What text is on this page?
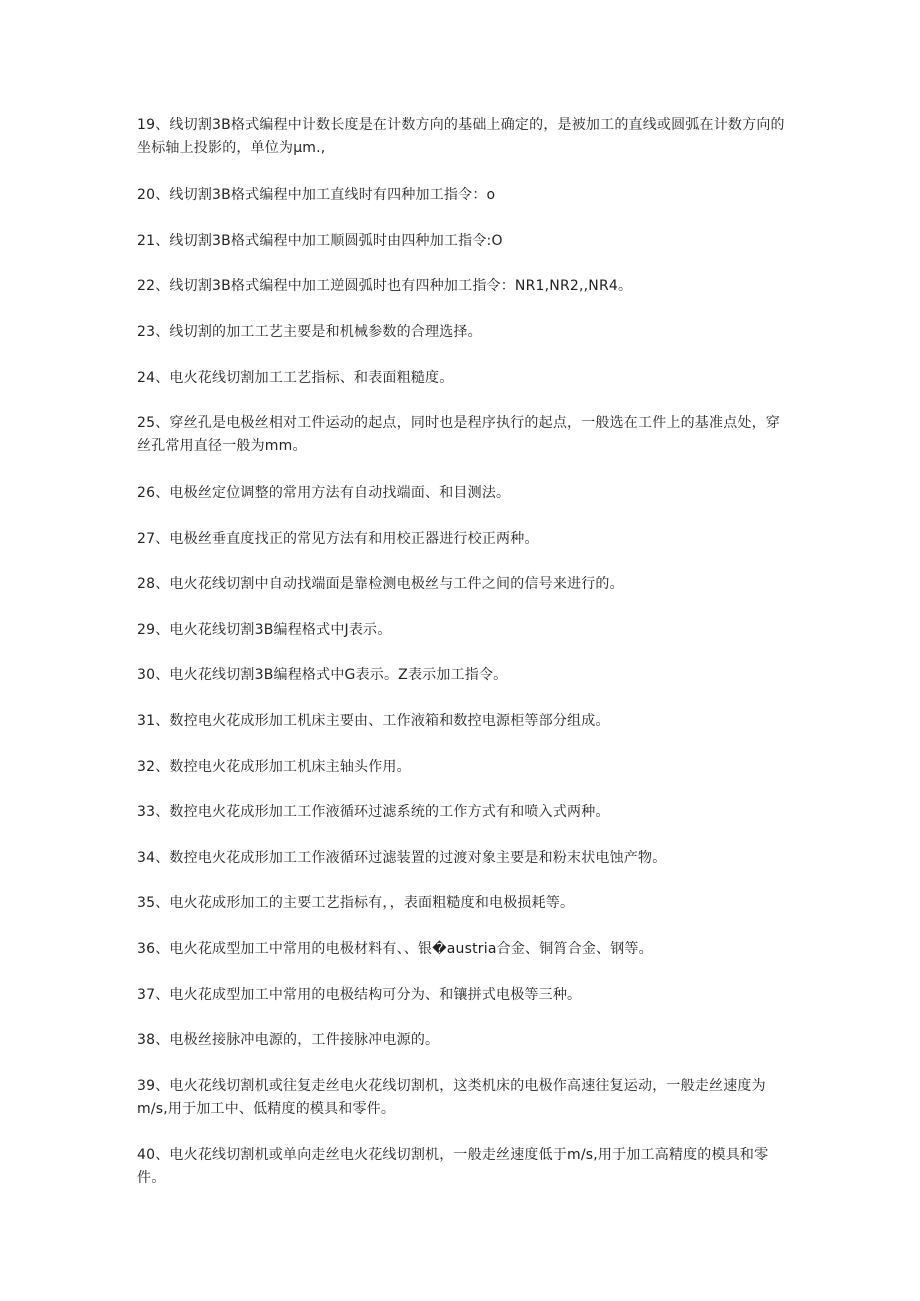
19、线切割3B格式编程中计数长度是在计数方向的基础上确定的，是被加工的直线或圆弧在计数方向的坐标轴上投影的，单位为μm.,

20、线切割3B格式编程中加工直线时有四种加工指令：o

21、线切割3B格式编程中加工顺圆弧时由四种加工指令:O

22、线切割3B格式编程中加工逆圆弧时也有四种加工指令：NR1,NR2,,NR4。

23、线切割的加工工艺主要是和机械参数的合理选择。

24、电火花线切割加工工艺指标、和表面粗糙度。

25、穿丝孔是电极丝相对工件运动的起点，同时也是程序执行的起点，一般选在工件上的基准点处，穿丝孔常用直径一般为mm。

26、电极丝定位调整的常用方法有自动找端面、和目测法。

27、电极丝垂直度找正的常见方法有和用校正器进行校正两种。

28、电火花线切割中自动找端面是靠检测电极丝与工件之间的信号来进行的。

29、电火花线切割3B编程格式中J表示。

30、电火花线切割3B编程格式中G表示。Z表示加工指令。

31、数控电火花成形加工机床主要由、工作液箱和数控电源柜等部分组成。

32、数控电火花成形加工机床主轴头作用。

33、数控电火花成形加工工作液循环过滤系统的工作方式有和喷入式两种。

34、数控电火花成形加工工作液循环过滤装置的过渡对象主要是和粉末状电蚀产物。

35、电火花成形加工的主要工艺指标有，，表面粗糙度和电极损耗等。

36、电火花成型加工中常用的电极材料有、、银�austria合金、铜筲合金、钢等。

37、电火花成型加工中常用的电极结构可分为、和镶拼式电极等三种。

38、电极丝接脉冲电源的，工件接脉冲电源的。

39、电火花线切割机或往复走丝电火花线切割机，这类机床的电极作高速往复运动，一般走丝速度为m/s,用于加工中、低精度的模具和零件。

40、电火花线切割机或单向走丝电火花线切割机，一般走丝速度低于m/s,用于加工高精度的模具和零件。
